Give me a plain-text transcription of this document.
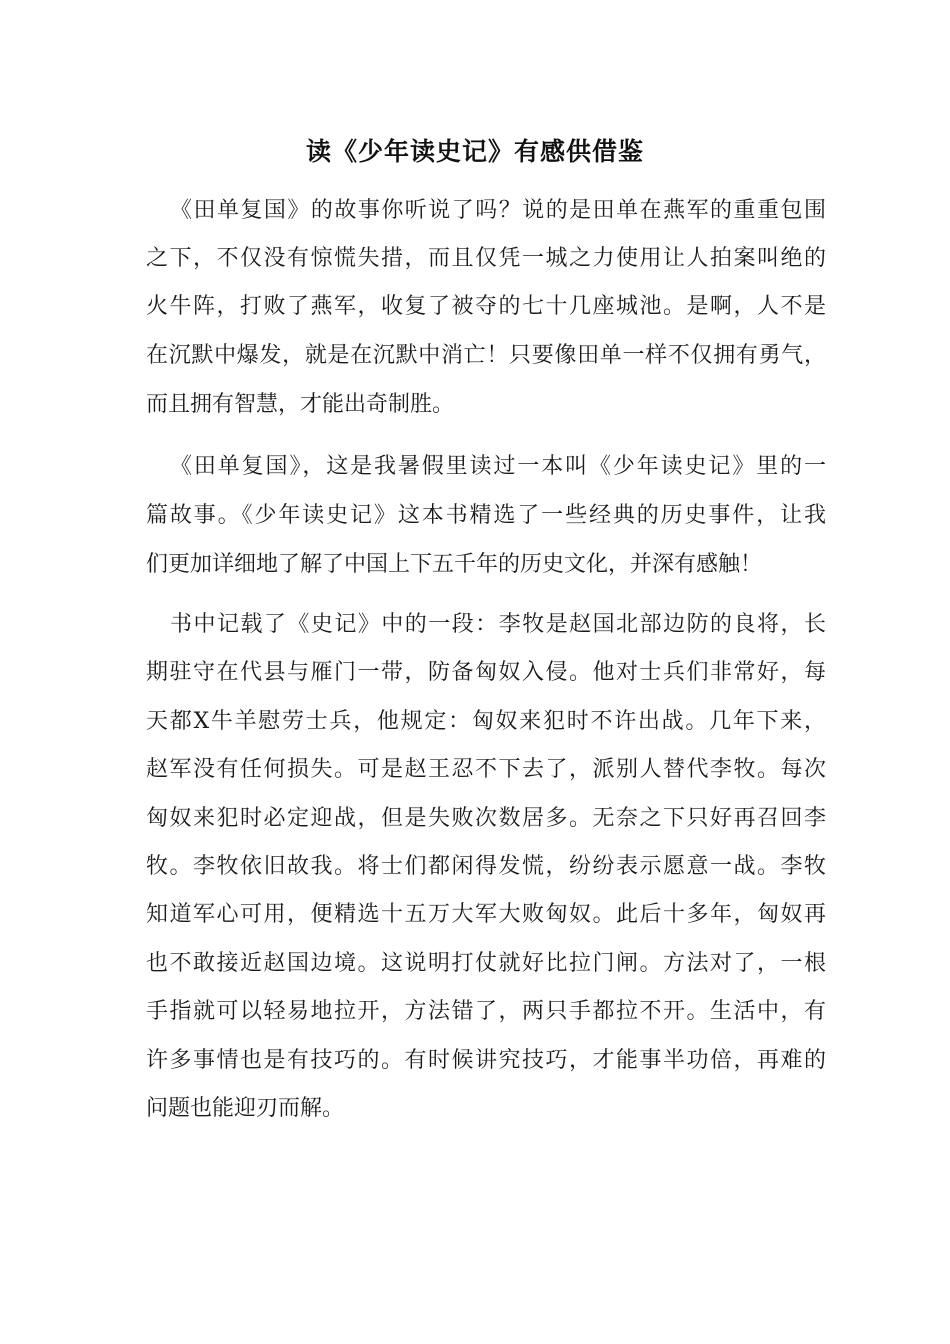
读《少年读史记》有感供借鉴
《田单复国》的故事你听说了吗？说的是田单在燕军的重重包围
之下，不仅没有惊慌失措，而且仅凭一城之力使用让人拍案叫绝的
火牛阵，打败了燕军，收复了被夺的七十几座城池。是啊，人不是
在沉默中爆发，就是在沉默中消亡！只要像田单一样不仅拥有勇气，
而且拥有智慧，才能出奇制胜。
《田单复国》，这是我暑假里读过一本叫《少年读史记》里的一
篇故事。《少年读史记》这本书精选了一些经典的历史事件，让我
们更加详细地了解了中国上下五千年的历史文化，并深有感触！
书中记载了《史记》中的一段：李牧是赵国北部边防的良将，长
期驻守在代县与雁门一带，防备匈奴入侵。他对士兵们非常好，每
天都X牛羊慰劳士兵，他规定：匈奴来犯时不许出战。几年下来，
赵军没有任何损失。可是赵王忍不下去了，派别人替代李牧。每次
匈奴来犯时必定迎战，但是失败次数居多。无奈之下只好再召回李
牧。李牧依旧故我。将士们都闲得发慌，纷纷表示愿意一战。李牧
知道军心可用，便精选十五万大军大败匈奴。此后十多年，匈奴再
也不敢接近赵国边境。这说明打仗就好比拉门闸。方法对了，一根
手指就可以轻易地拉开，方法错了，两只手都拉不开。生活中，有
许多事情也是有技巧的。有时候讲究技巧，才能事半功倍，再难的
问题也能迎刃而解。
